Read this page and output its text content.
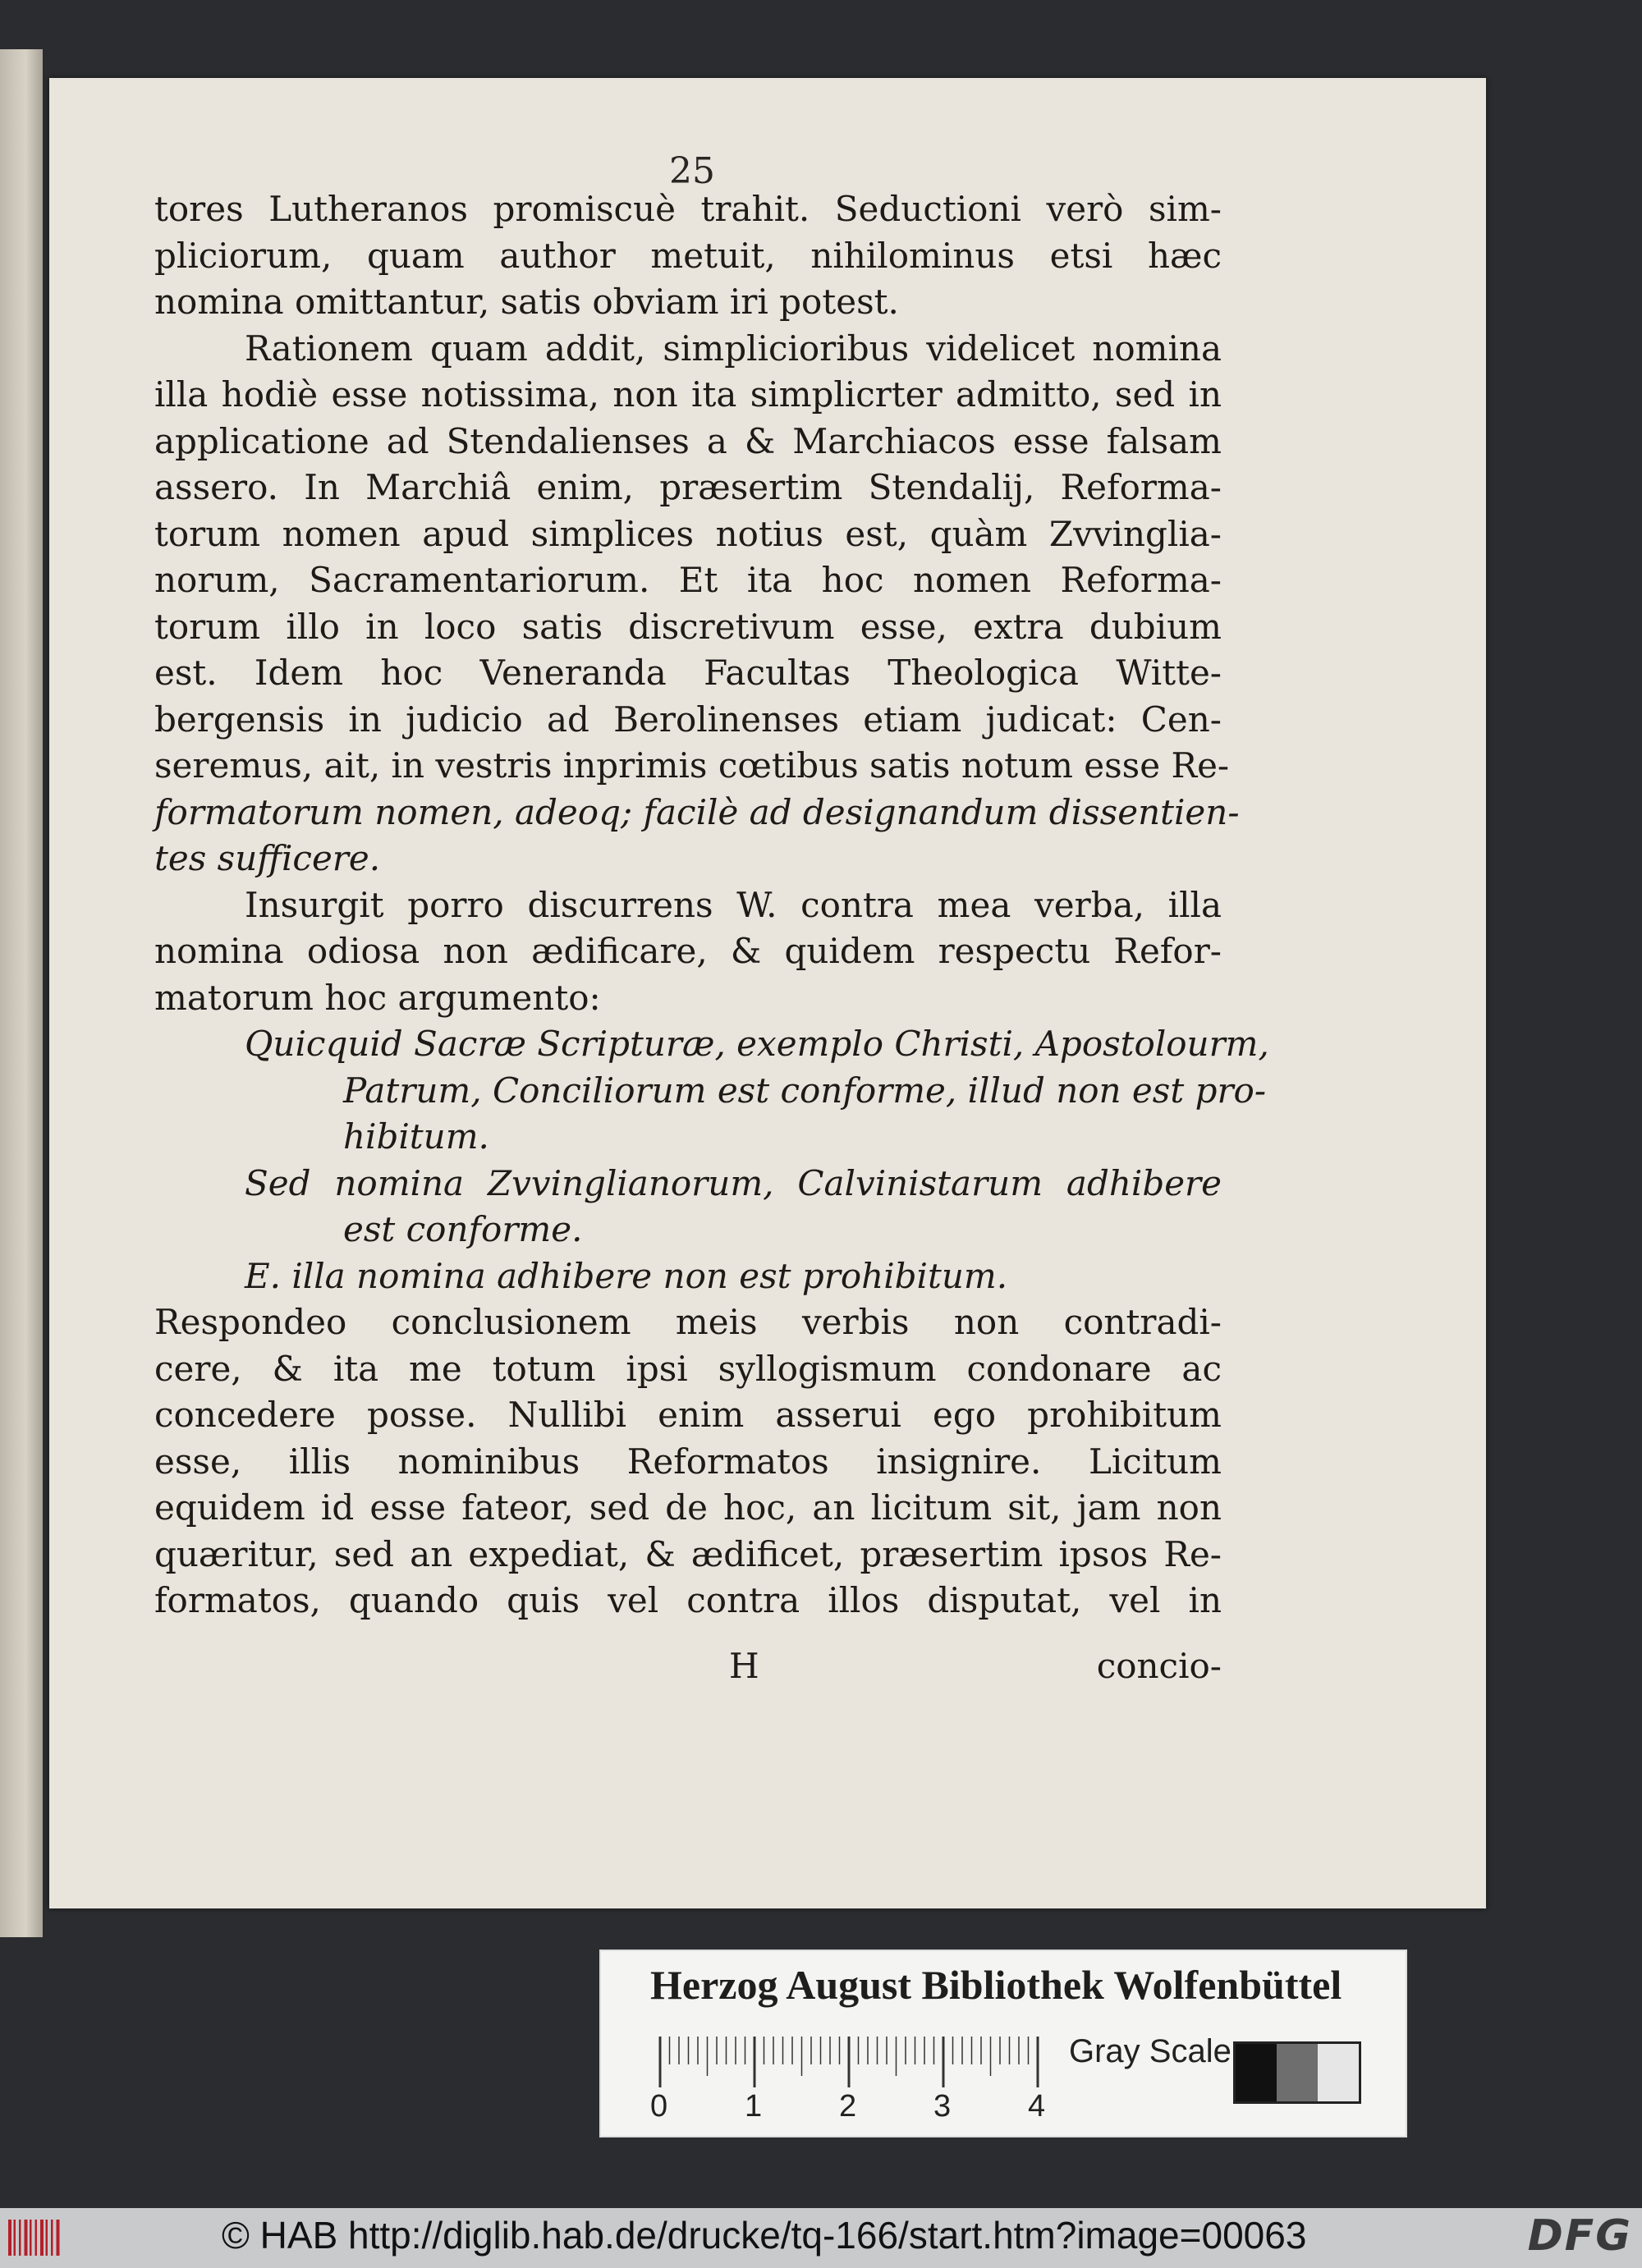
25
tores Lutheranos promiscuè trahit. Seductioni verò sim-
pliciorum, quam author metuit, nihilominus etsi hæc
nomina omittantur, satis obviam iri potest.
Rationem quam addit, simplicioribus videlicet nomina
illa hodiè esse notissima, non ita simplicrter admitto, sed in
applicatione ad Stendalienses a & Marchiacos esse falsam
assero. In Marchiâ enim, præsertim Stendalij, Reforma-
torum nomen apud simplices notius est, quàm Zvvinglia-
norum, Sacramentariorum. Et ita hoc nomen Reforma-
torum illo in loco satis discretivum esse, extra dubium
est. Idem hoc Veneranda Facultas Theologica Witte-
bergensis in judicio ad Berolinenses etiam judicat: Cen-
seremus, ait, in vestris inprimis cœtibus satis notum esse Re-
formatorum nomen, adeoq; facilè ad designandum dissentien-
tes sufficere.
Insurgit porro discurrens W. contra mea verba, illa
nomina odiosa non ædificare, & quidem respectu Refor-
matorum hoc argumento:
Quicquid Sacræ Scripturæ, exemplo Christi, Apostolourm,
Patrum, Conciliorum est conforme, illud non est pro-
hibitum.
Sed nomina Zvvinglianorum, Calvinistarum adhibere
est conforme.
E. illa nomina adhibere non est prohibitum.
Respondeo conclusionem meis verbis non contradi-
cere, & ita me totum ipsi syllogismum condonare ac
concedere posse. Nullibi enim asserui ego prohibitum
esse, illis nominibus Reformatos insignire. Licitum
equidem id esse fateor, sed de hoc, an licitum sit, jam non
quæritur, sed an expediat, & ædificet, præsertim ipsos Re-
formatos, quando quis vel contra illos disputat, vel in
H	concio-
Herzog August Bibliothek Wolfenbüttel
0 1 2 3 4
Gray Scale
© HAB http://diglib.hab.de/drucke/tq-166/start.htm?image=00063	DFG
